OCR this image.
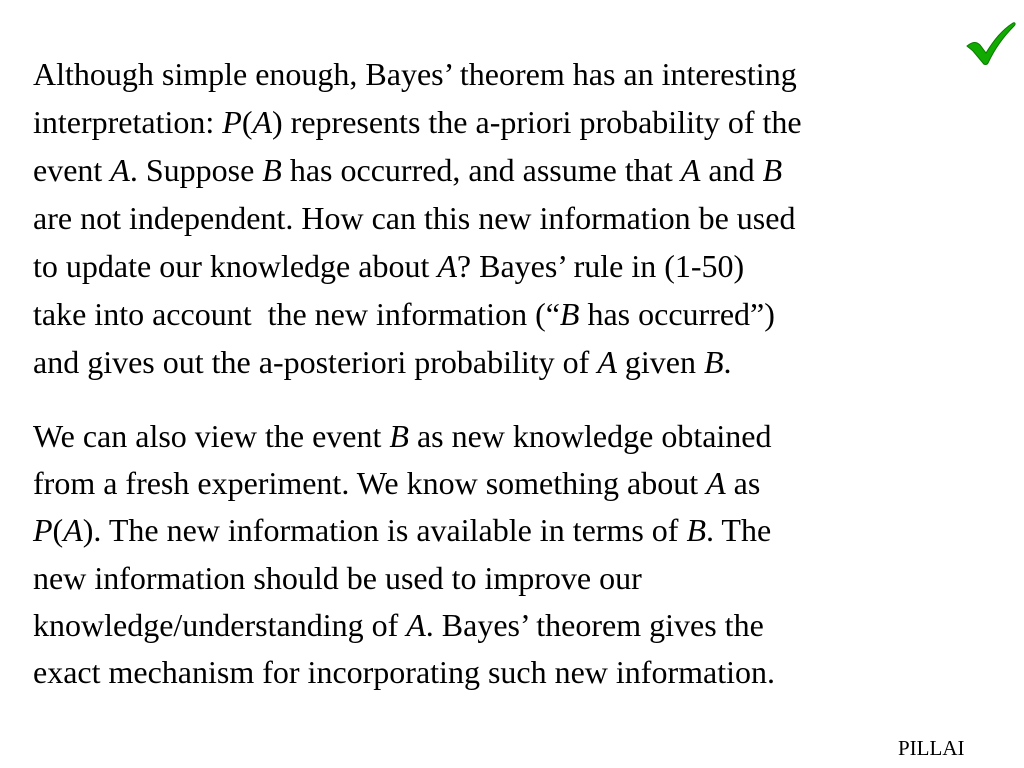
Although simple enough, Bayes’ theorem has an interesting
interpretation: P(A) represents the a-priori probability of the
event A. Suppose B has occurred, and assume that A and B
are not independent. How can this new information be used
to update our knowledge about A? Bayes’ rule in (1-50)
take into account  the new information (“B has occurred”)
and gives out the a-posteriori probability of A given B.
We can also view the event B as new knowledge obtained
from a fresh experiment. We know something about A as
P(A). The new information is available in terms of B. The
new information should be used to improve our
knowledge/understanding of A. Bayes’ theorem gives the
exact mechanism for incorporating such new information.
PILLAI
